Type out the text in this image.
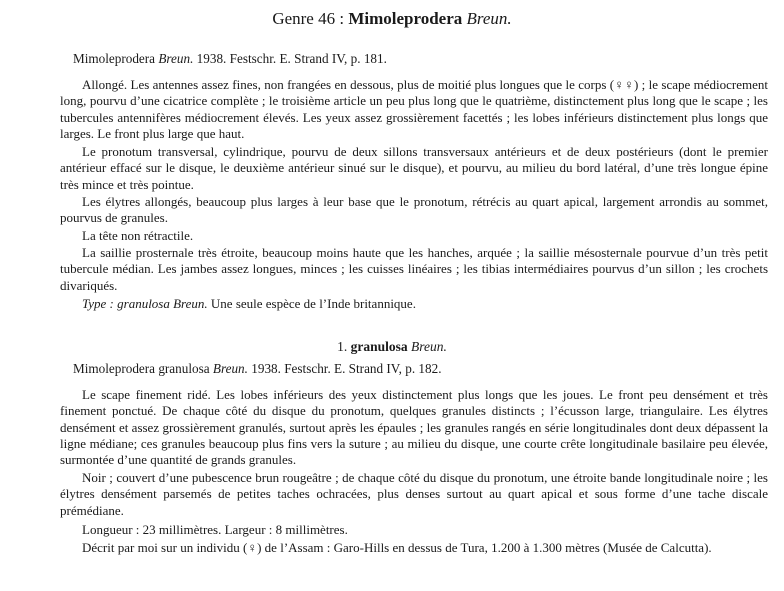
Genre 46 : Mimoleprodera Breun.
Mimoleprodera Breun. 1938. Festschr. E. Strand IV, p. 181.

Allongé. Les antennes assez fines, non frangées en dessous, plus de moitié plus longues que le corps (♀♀) ; le scape médiocrement long, pourvu d’une cicatrice complète ; le troisième article un peu plus long que le quatrième, distinctement plus long que le scape ; les tubercules antennifères médiocrement élevés. Les yeux assez grossièrement facettés ; les lobes inférieurs distinctement plus longs que larges. Le front plus large que haut.

Le pronotum transversal, cylindrique, pourvu de deux sillons transversaux antérieurs et de deux postérieurs (dont le premier antérieur effacé sur le disque, le deuxième antérieur sinué sur le disque), et pourvu, au milieu du bord latéral, d’une très longue épine très mince et très pointue.

Les élytres allongés, beaucoup plus larges à leur base que le pronotum, rétrécis au quart apical, largement arrondis au sommet, pourvus de granules.

La tête non rétractile.

La saillie prosternale très étroite, beaucoup moins haute que les hanches, arquée ; la saillie mésosternale pourvue d’un très petit tubercule médian. Les jambes assez longues, minces ; les cuisses linéaires ; les tibias intermédiaires pourvus d’un sillon ; les crochets divariqués.

Type : granulosa Breun. Une seule espèce de l’Inde britannique.

1. granulosa Breun.
Mimoleprodera granulosa Breun. 1938. Festschr. E. Strand IV, p. 182.

Le scape finement ridé. Les lobes inférieurs des yeux distinctement plus longs que les joues. Le front peu densément et très finement ponctué. De chaque côté du disque du pronotum, quelques granules distincts ; l’écusson large, triangulaire. Les élytres densément et assez grossièrement granulés, surtout après les épaules ; les granules rangés en série longitudinales dont deux dépassent la ligne médiane; ces granules beaucoup plus fins vers la suture ; au milieu du disque, une courte crête longitudinale basilaire peu élevée, surmontée d’une quantité de grands granules.

Noir ; couvert d’une pubescence brun rougeâtre ; de chaque côté du disque du pronotum, une étroite bande longitudinale noire ; les élytres densément parsemés de petites taches ochracées, plus denses surtout au quart apical et sous forme d’une tache discale prémédiane.

Longueur : 23 millimètres. Largeur : 8 millimètres.

Décrit par moi sur un individu (♀) de l’Assam : Garo-Hills en dessus de Tura, 1.200 à 1.300 mètres (Musée de Calcutta).
